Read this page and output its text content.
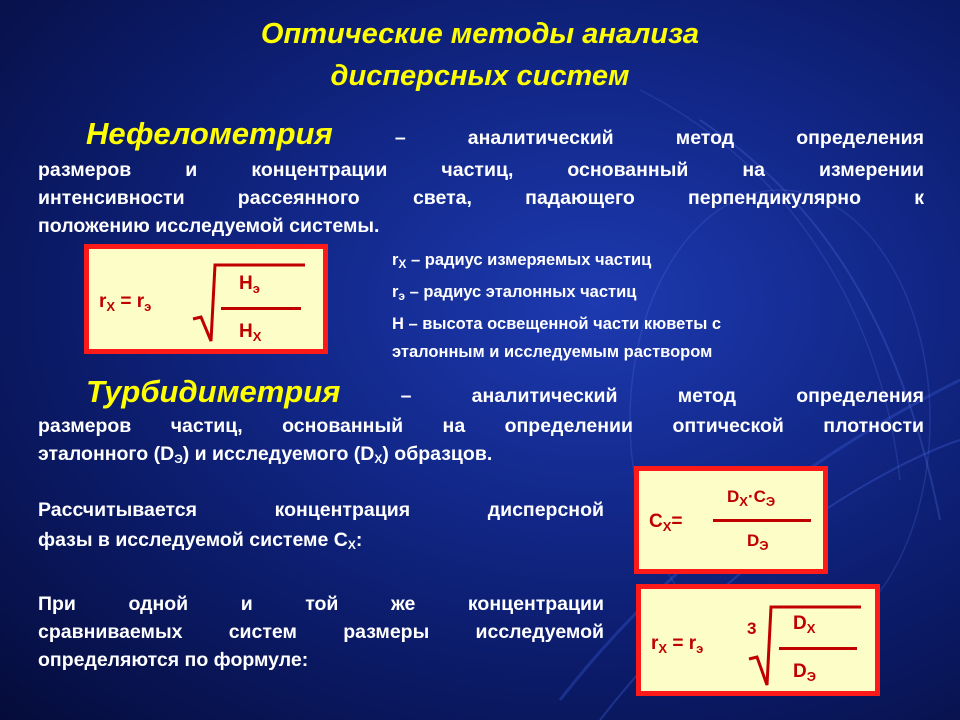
Оптические методы анализа
дисперсных систем
Нефелометрия	– аналитический метод определения
размеров и концентрации частиц, основанный на измерении
интенсивности рассеянного света, падающего перпендикулярно к
положению исследуемой системы.
$r_X = r_э$
$H_э$
$H_X$
rX – радиус измеряемых частиц
rэ – радиус эталонных частиц
H – высота освещенной части кюветы с
эталонным и исследуемым раствором
Турбидиметрия	– аналитический метод определения
размеров частиц, основанный на определении оптической плотности
эталонного (DЭ) и исследуемого (DХ) образцов.
Рассчитывается концентрация дисперсной
фазы в исследуемой системе СХ:
$C_X=$
$D_X\cdot C_Э$
$D_Э$
При одной и той же концентрации
сравниваемых систем размеры исследуемой
определяются по формуле:
$r_X = r_э$
3 $D_X$
$D_Э$
